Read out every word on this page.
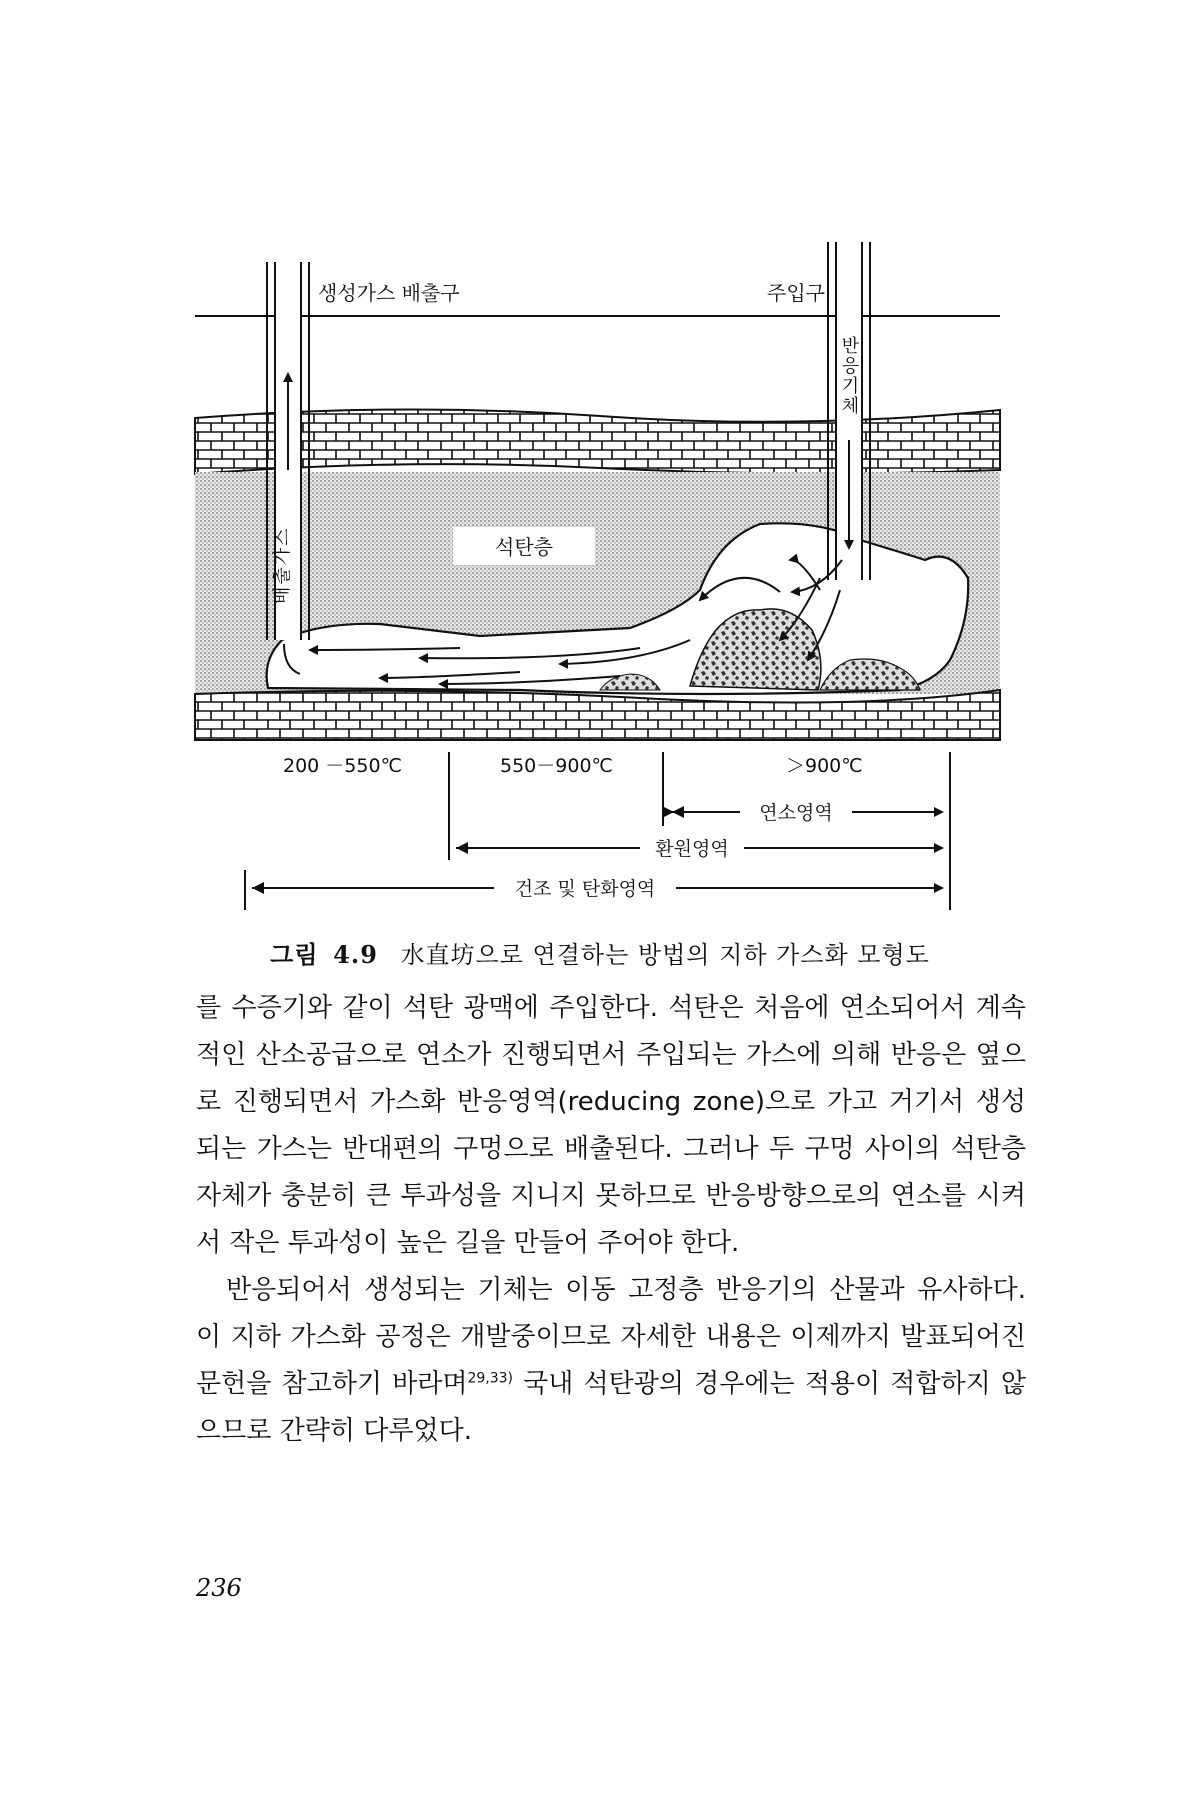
석탄층
생성가스 배출구	주입구
반응기체
배출가스
200 －550℃	550－900℃	＞900℃
연소영역
환원영역
건조 및 탄화영역
그림 4.9 水直坊으로 연결하는 방법의 지하 가스화 모형도

를 수증기와 같이 석탄 광맥에 주입한다. 석탄은 처음에 연소되어서 계속적인 산소공급으로 연소가 진행되면서 주입되는 가스에 의해 반응은 옆으로 진행되면서 가스화 반응영역(reducing zone)으로 가고 거기서 생성되는 가스는 반대편의 구멍으로 배출된다. 그러나 두 구멍 사이의 석탄층 자체가 충분히 큰 투과성을 지니지 못하므로 반응방향으로의 연소를 시켜서 작은 투과성이 높은 길을 만들어 주어야 한다.

반응되어서 생성되는 기체는 이동 고정층 반응기의 산물과 유사하다. 이 지하 가스화 공정은 개발중이므로 자세한 내용은 이제까지 발표되어진 문헌을 참고하기 바라며$^{29,33)}$ 국내 석탄광의 경우에는 적용이 적합하지 않으므로 간략히 다루었다.

236
